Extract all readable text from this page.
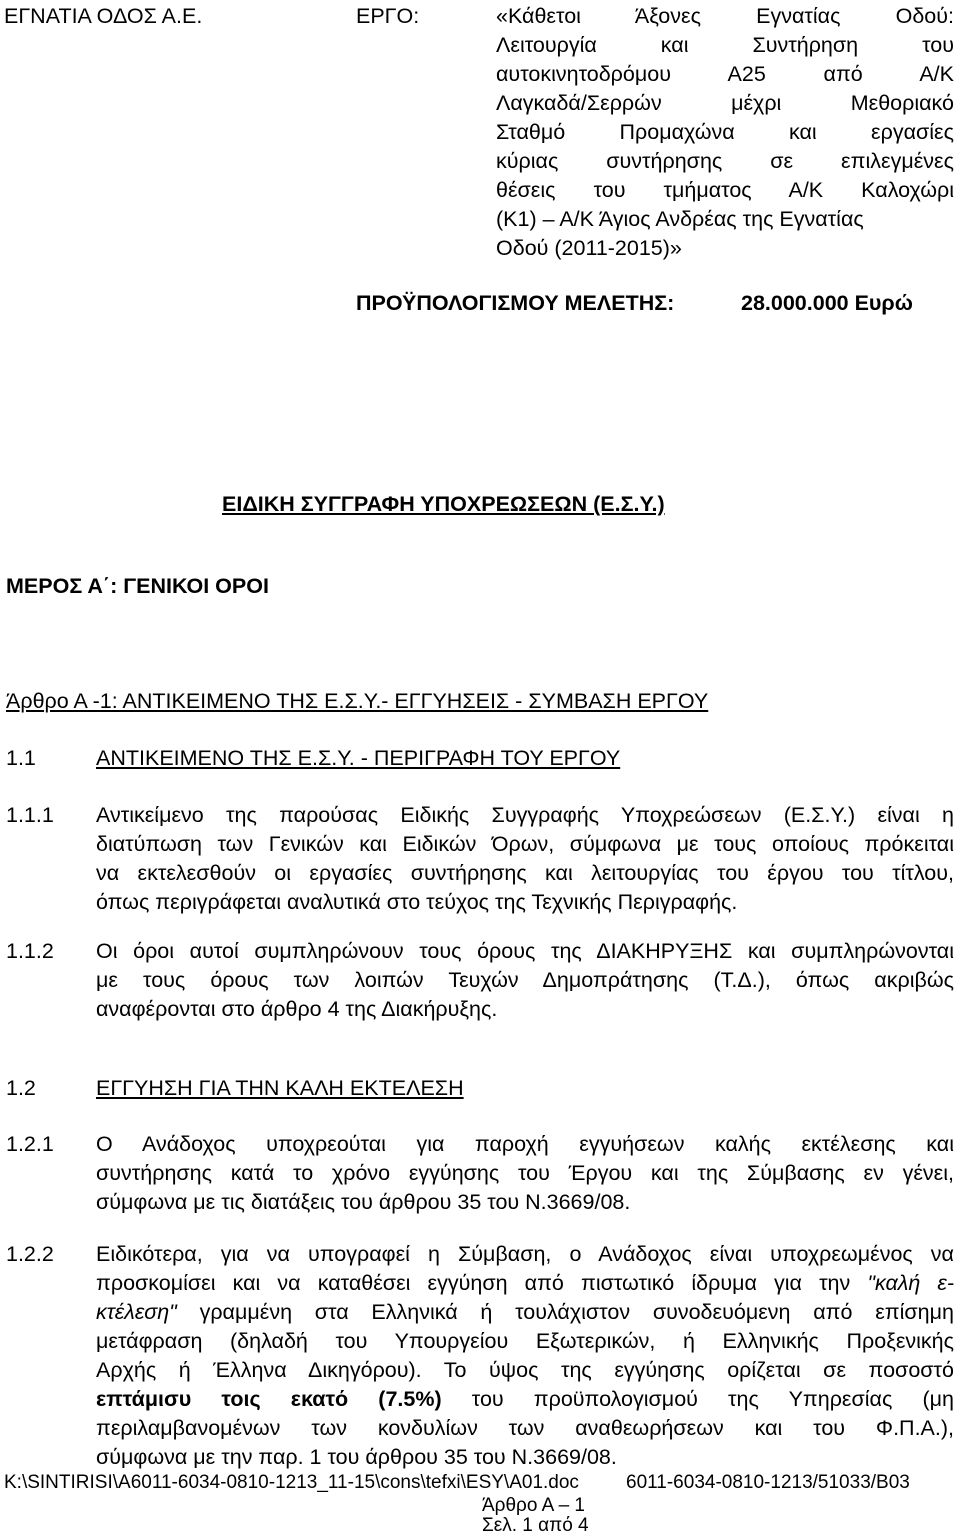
ΕΓΝΑΤΙΑ ΟΔΟΣ Α.Ε.	ΕΡΓΟ:	«Κάθετοι Άξονες Εγνατίας Οδού:
Λειτουργία και Συντήρηση του
αυτοκινητοδρόμου Α25 από Α/Κ
Λαγκαδά/Σερρών μέχρι Μεθοριακό
Σταθμό Προμαχώνα και εργασίες
κύριας συντήρησης σε επιλεγμένες
θέσεις του τμήματος Α/Κ Καλοχώρι
(Κ1) – Α/Κ Άγιος Ανδρέας της Εγνατίας
Οδού (2011-2015)»
ΠΡΟΫΠΟΛΟΓΙΣΜΟΥ ΜΕΛΕΤΗΣ:	28.000.000 Ευρώ
ΕΙΔΙΚΗ ΣΥΓΓΡΑΦΗ ΥΠΟΧΡΕΩΣΕΩΝ (Ε.Σ.Υ.)
ΜΕΡΟΣ Α΄: ΓΕΝΙΚΟΙ ΟΡΟΙ
Άρθρο Α -1: ΑΝΤΙΚΕΙΜΕΝΟ ΤΗΣ Ε.Σ.Υ.- ΕΓΓΥΗΣΕΙΣ - ΣΥΜΒΑΣΗ ΕΡΓΟΥ
1.1	ΑΝΤΙΚΕΙΜΕΝΟ ΤΗΣ Ε.Σ.Υ. - ΠΕΡΙΓΡΑΦΗ ΤΟΥ ΕΡΓΟΥ
1.1.1 Αντικείμενο της παρούσας Ειδικής Συγγραφής Υποχρεώσεων (Ε.Σ.Υ.) είναι η
διατύπωση των Γενικών και Ειδικών Όρων, σύμφωνα με τους οποίους πρόκειται
να εκτελεσθούν οι εργασίες συντήρησης και λειτουργίας του έργου του τίτλου,
όπως περιγράφεται αναλυτικά στο τεύχος της Τεχνικής Περιγραφής.
1.1.2 Οι όροι αυτοί συμπληρώνουν τους όρους της ΔΙΑΚΗΡΥΞΗΣ και συμπληρώνονται
με τους όρους των λοιπών Τευχών Δημοπράτησης (Τ.Δ.), όπως ακριβώς
αναφέρονται στο άρθρο 4 της Διακήρυξης.
1.2	ΕΓΓΥΗΣΗ ΓΙΑ ΤΗΝ ΚΑΛΗ ΕΚΤΕΛΕΣΗ
1.2.1 Ο Ανάδοχος υποχρεούται για παροχή εγγυήσεων καλής εκτέλεσης και
συντήρησης κατά το χρόνο εγγύησης του Έργου και της Σύμβασης εν γένει,
σύμφωνα με τις διατάξεις του άρθρου 35 του Ν.3669/08.
1.2.2 Ειδικότερα, για να υπογραφεί η Σύμβαση, ο Ανάδοχος είναι υποχρεωμένος να
προσκομίσει και να καταθέσει εγγύηση από πιστωτικό ίδρυμα για την "καλή ε-
κτέλεση" γραμμένη στα Ελληνικά ή τουλάχιστον συνοδευόμενη από επίσημη
μετάφραση (δηλαδή του Υπουργείου Εξωτερικών, ή Ελληνικής Προξενικής
Αρχής ή Έλληνα Δικηγόρου). Το ύψος της εγγύησης ορίζεται σε ποσοστό
επτάμισυ τοις εκατό (7.5%) του προϋπολογισμού της Υπηρεσίας (μη
περιλαμβανομένων των κονδυλίων των αναθεωρήσεων και του Φ.Π.Α.),
σύμφωνα με την παρ. 1 του άρθρου 35 του Ν.3669/08.
K:\SINTIRISI\A6011-6034-0810-1213_11-15\cons\tefxi\ESY\A01.doc 6011-6034-0810-1213/51033/B03
Άρθρο Α – 1
Σελ. 1 από 4
